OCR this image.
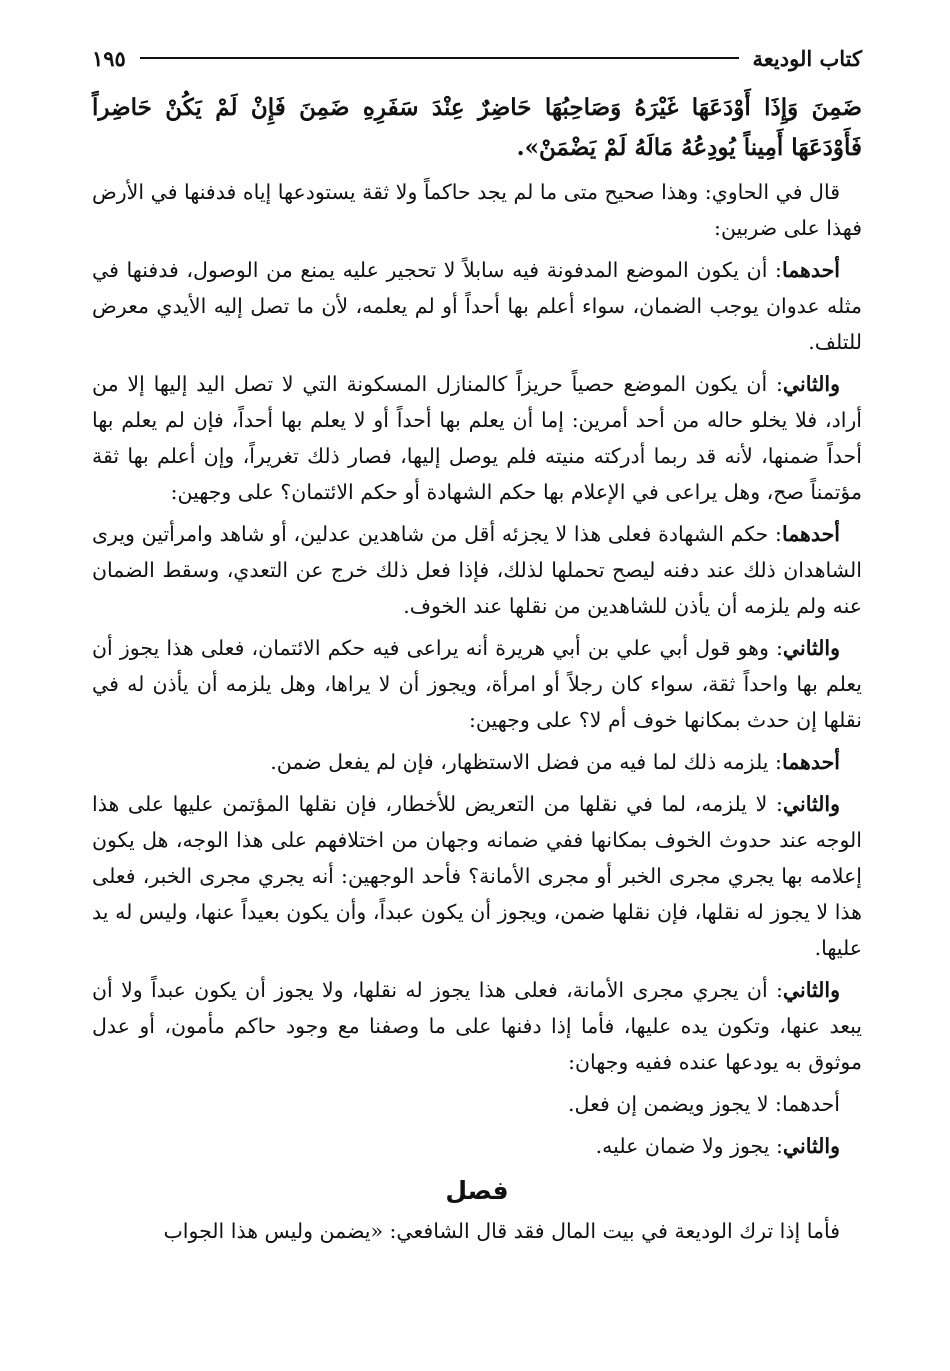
كتاب الوديعة
١٩٥
ضَمِنَ وَإِذَا أَوْدَعَهَا غَيْرَهُ وَصَاحِبُهَا حَاضِرٌ عِنْدَ سَفَرِهِ ضَمِنَ فَإِنْ لَمْ يَكُنْ حَاضِراً فَأَوْدَعَهَا أَمِيناً يُودِعُهُ مَالَهُ لَمْ يَضْمَنْ».
قال في الحاوي: وهذا صحيح متى ما لم يجد حاكماً ولا ثقة يستودعها إياه فدفنها في الأرض فهذا على ضربين:
أحدهما: أن يكون الموضع المدفونة فيه سابلاً لا تحجير عليه يمنع من الوصول، فدفنها في مثله عدوان يوجب الضمان، سواء أعلم بها أحداً أو لم يعلمه، لأن ما تصل إليه الأيدي معرض للتلف.
والثاني: أن يكون الموضع حصياً حريزاً كالمنازل المسكونة التي لا تصل اليد إليها إلا من أراد، فلا يخلو حاله من أحد أمرين: إما أن يعلم بها أحداً أو لا يعلم بها أحداً، فإن لم يعلم بها أحداً ضمنها، لأنه قد ربما أدركته منيته فلم يوصل إليها، فصار ذلك تغريراً، وإن أعلم بها ثقة مؤتمناً صح، وهل يراعى في الإعلام بها حكم الشهادة أو حكم الائتمان؟ على وجهين:
أحدهما: حكم الشهادة فعلى هذا لا يجزئه أقل من شاهدين عدلين، أو شاهد وامرأتين ويرى الشاهدان ذلك عند دفنه ليصح تحملها لذلك، فإذا فعل ذلك خرج عن التعدي، وسقط الضمان عنه ولم يلزمه أن يأذن للشاهدين من نقلها عند الخوف.
والثاني: وهو قول أبي علي بن أبي هريرة أنه يراعى فيه حكم الائتمان، فعلى هذا يجوز أن يعلم بها واحداً ثقة، سواء كان رجلاً أو امرأة، ويجوز أن لا يراها، وهل يلزمه أن يأذن له في نقلها إن حدث بمكانها خوف أم لا؟ على وجهين:
أحدهما: يلزمه ذلك لما فيه من فضل الاستظهار، فإن لم يفعل ضمن.
والثاني: لا يلزمه، لما في نقلها من التعريض للأخطار، فإن نقلها المؤتمن عليها على هذا الوجه عند حدوث الخوف بمكانها ففي ضمانه وجهان من اختلافهم على هذا الوجه، هل يكون إعلامه بها يجري مجرى الخبر أو مجرى الأمانة؟ فأحد الوجهين: أنه يجري مجرى الخبر، فعلى هذا لا يجوز له نقلها، فإن نقلها ضمن، ويجوز أن يكون عبداً، وأن يكون بعيداً عنها، وليس له يد عليها.
والثاني: أن يجري مجرى الأمانة، فعلى هذا يجوز له نقلها، ولا يجوز أن يكون عبداً ولا أن يبعد عنها، وتكون يده عليها، فأما إذا دفنها على ما وصفنا مع وجود حاكم مأمون، أو عدل موثوق به يودعها عنده ففيه وجهان:
أحدهما: لا يجوز ويضمن إن فعل.
والثاني: يجوز ولا ضمان عليه.
فصل
فأما إذا ترك الوديعة في بيت المال فقد قال الشافعي: «يضمن وليس هذا الجواب
